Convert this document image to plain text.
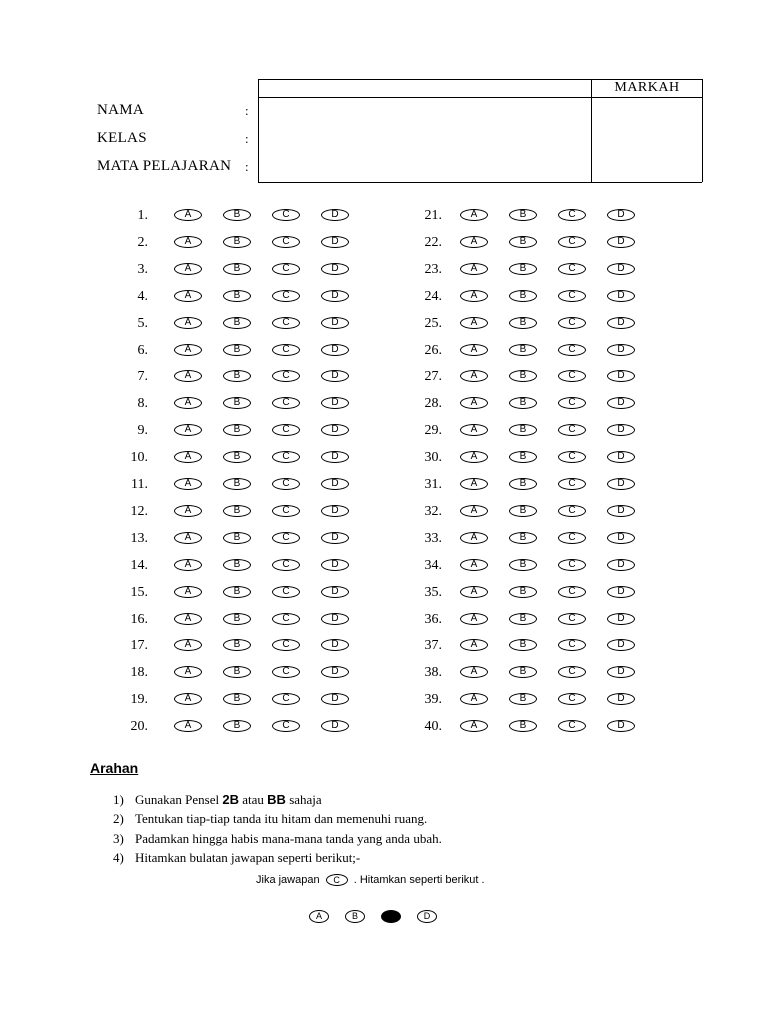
MARKAH
NAMA	:
KELAS	:
MATA PELAJARAN :
1.	A	B	C	D
2.	A	B	C	D
3.	A	B	C	D
4.	A	B	C	D
5.	A	B	C	D
6.	A	B	C	D
7.	A	B	C	D
8.	A	B	C	D
9.	A	B	C	D
10.	A	B	C	D
11.	A	B	C	D
12.	A	B	C	D
13.	A	B	C	D
14.	A	B	C	D
15.	A	B	C	D
16.	A	B	C	D
17.	A	B	C	D
18.	A	B	C	D
19.	A	B	C	D
20.	A	B	C	D
21.	A	B	C	D
22.	A	B	C	D
23.	A	B	C	D
24.	A	B	C	D
25.	A	B	C	D
26.	A	B	C	D
27.	A	B	C	D
28.	A	B	C	D
29.	A	B	C	D
30.	A	B	C	D
31.	A	B	C	D
32.	A	B	C	D
33.	A	B	C	D
34.	A	B	C	D
35.	A	B	C	D
36.	A	B	C	D
37.	A	B	C	D
38.	A	B	C	D
39.	A	B	C	D
40.	A	B	C	D
Arahan
1) Gunakan Pensel 2B atau BB sahaja
2) Tentukan tiap-tiap tanda itu hitam dan memenuhi ruang.
3) Padamkan hingga habis mana-mana tanda yang anda ubah.
4) Hitamkan bulatan jawapan seperti berikut;-
Jika jawapan C . Hitamkan seperti berikut .
A	B	C	D
